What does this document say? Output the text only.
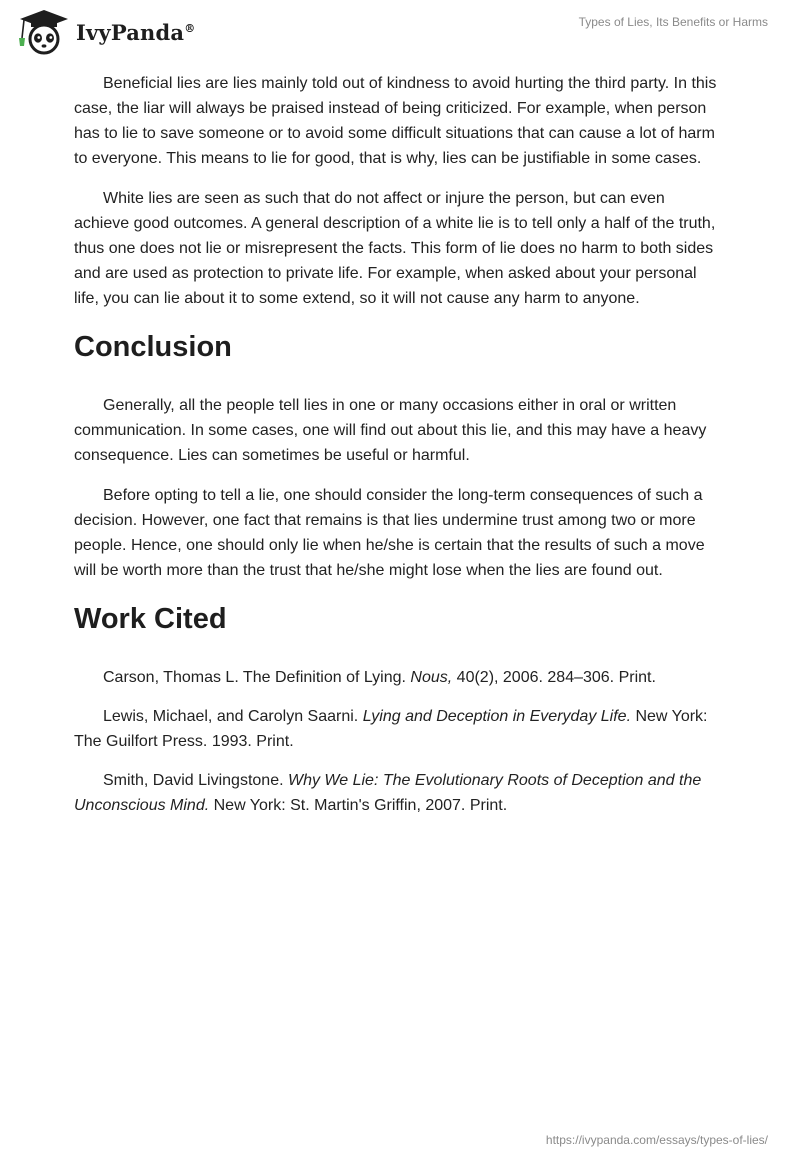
IvyPanda®	Types of Lies, Its Benefits or Harms

Beneficial lies are lies mainly told out of kindness to avoid hurting the third party. In this case, the liar will always be praised instead of being criticized. For example, when person has to lie to save someone or to avoid some difficult situations that can cause a lot of harm to everyone. This means to lie for good, that is why, lies can be justifiable in some cases.

White lies are seen as such that do not affect or injure the person, but can even achieve good outcomes. A general description of a white lie is to tell only a half of the truth, thus one does not lie or misrepresent the facts. This form of lie does no harm to both sides and are used as protection to private life. For example, when asked about your personal life, you can lie about it to some extend, so it will not cause any harm to anyone.

Conclusion

Generally, all the people tell lies in one or many occasions either in oral or written communication. In some cases, one will find out about this lie, and this may have a heavy consequence. Lies can sometimes be useful or harmful.

Before opting to tell a lie, one should consider the long-term consequences of such a decision. However, one fact that remains is that lies undermine trust among two or more people. Hence, one should only lie when he/she is certain that the results of such a move will be worth more than the trust that he/she might lose when the lies are found out.

Work Cited

Carson, Thomas L. The Definition of Lying. Nous, 40(2), 2006. 284–306. Print.

Lewis, Michael, and Carolyn Saarni. Lying and Deception in Everyday Life. New York: The Guilfort Press. 1993. Print.

Smith, David Livingstone. Why We Lie: The Evolutionary Roots of Deception and the Unconscious Mind. New York: St. Martin's Griffin, 2007. Print.

https://ivypanda.com/essays/types-of-lies/
